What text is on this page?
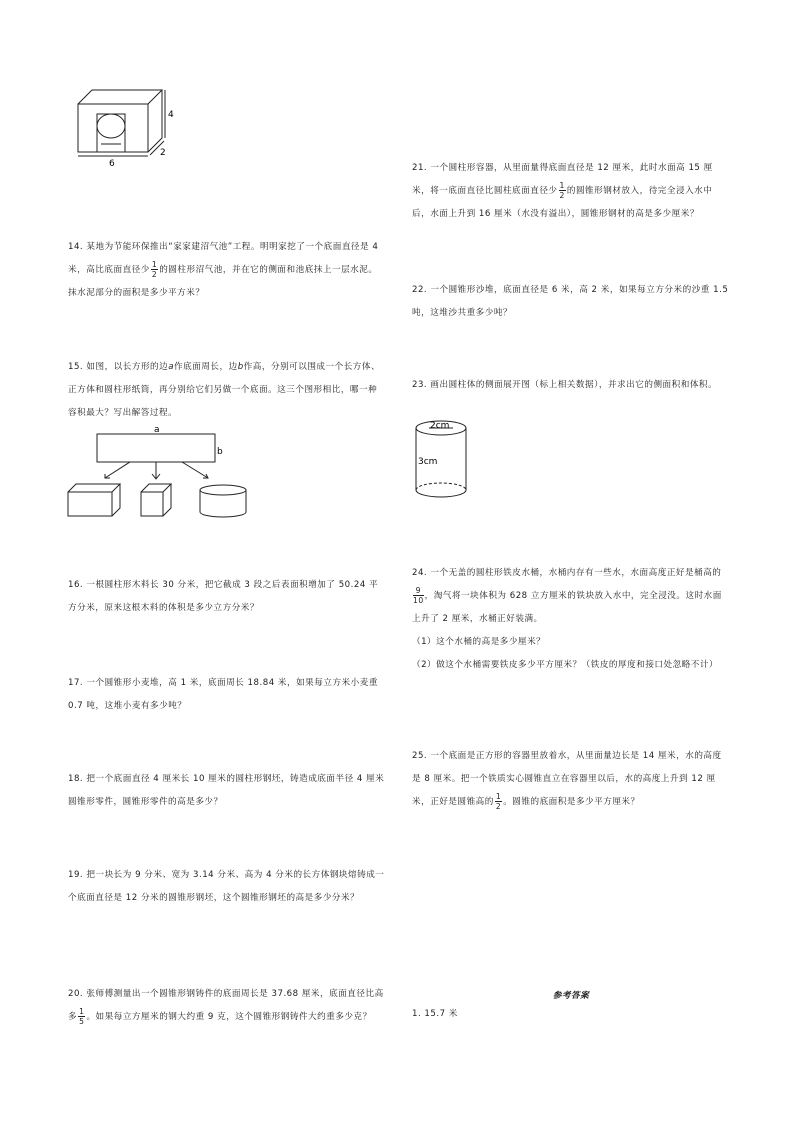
4
2
6

14. 某地为节能环保推出“家家建沼气池”工程。明明家挖了一个底面直径是 4 米，高比底面直径少 $\frac{1}{2}$ 的圆柱形沼气池，并在它的侧面和池底抹上一层水泥。抹水泥部分的面积是多少平方米？

15. 如图，以长方形的边a作底面周长，边b作高，分别可以围成一个长方体、正方体和圆柱形纸筒，再分别给它们另做一个底面。这三个图形相比，哪一种容积最大？写出解答过程。

a
b

16. 一根圆柱形木料长 30 分米，把它截成 3 段之后表面积增加了 50.24 平方分米，原来这根木料的体积是多少立方分米？

17. 一个圆锥形小麦堆，高 1 米，底面周长 18.84 米，如果每立方米小麦重 0.7 吨，这堆小麦有多少吨？

18. 把一个底面直径 4 厘米长 10 厘米的圆柱形钢坯，铸造成底面半径 4 厘米圆锥形零件，圆锥形零件的高是多少？

19. 把一块长为 9 分米、宽为 3.14 分米、高为 4 分米的长方体钢块熔铸成一个底面直径是 12 分米的圆锥形钢坯，这个圆锥形钢坯的高是多少分米？

20. 张师傅测量出一个圆锥形钢铸件的底面周长是 37.68 厘米，底面直径比高多 $\frac{1}{5}$ 。如果每立方厘米的钢大约重 9 克，这个圆锥形钢铸件大约重多少克？

21. 一个圆柱形容器，从里面量得底面直径是 12 厘米，此时水面高 15 厘米，将一底面直径比圆柱底面直径少 $\frac{1}{2}$ 的圆锥形钢材放入，待完全浸入水中后，水面上升到 16 厘米（水没有溢出），圆锥形钢材的高是多少厘米？

22. 一个圆锥形沙堆，底面直径是 6 米，高 2 米，如果每立方分米的沙重 1.5 吨，这堆沙共重多少吨？

23. 画出圆柱体的侧面展开图（标上相关数据），并求出它的侧面积和体积。

2cm
3cm

24. 一个无盖的圆柱形铁皮水桶，水桶内存有一些水，水面高度正好是桶高的
$\frac{9}{10}$ ，淘气将一块体积为 628 立方厘米的铁块放入水中，完全浸没。这时水面上升了 2 厘米，水桶正好装满。

（1）这个水桶的高是多少厘米？

（2）做这个水桶需要铁皮多少平方厘米？（铁皮的厚度和接口处忽略不计）

25. 一个底面是正方形的容器里放着水，从里面量边长是 14 厘米，水的高度是 8 厘米。把一个铁质实心圆锥直立在容器里以后，水的高度上升到 12 厘米，正好是圆锥高的 $\frac{1}{2}$ 。圆锥的底面积是多少平方厘米？

参考答案
1. 15.7 米
